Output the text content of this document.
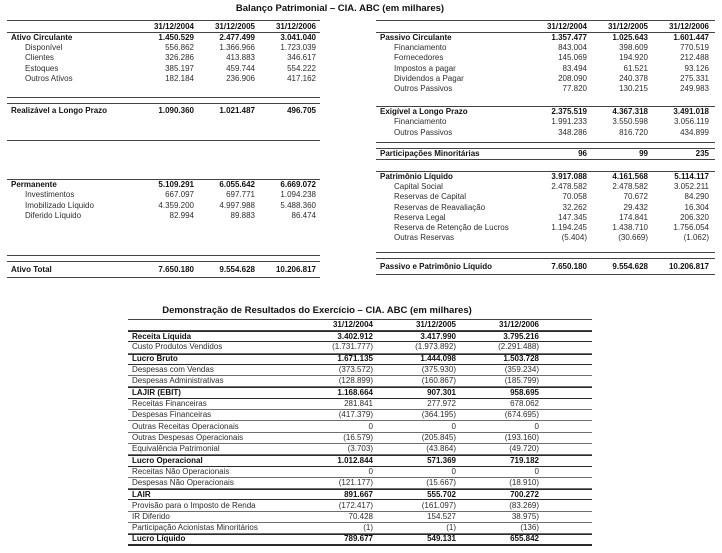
Balanço Patrimonial – CIA. ABC (em milhares)
31/12/2004	31/12/2005	31/12/2006
Ativo Circulante	1.450.529	2.477.499	3.041.040
Disponível	556.862	1.366.966	1.723.039
Clientes	326.286	413.883	346.617
Estoques	385.197	459.744	554.222
Outros Ativos	182.184	236.906	417.162
Realizável a Longo Prazo	1.090.360	1.021.487	496.705
Permanente	5.109.291	6.055.642	6.669.072
Investimentos	667.097	697.771	1.094.238
Imobilizado Líquido	4.359.200	4.997.988	5.488.360
Diferido Líquido	82.994	89.883	86.474
Ativo Total	7.650.180	9.554.628	10.206.817
31/12/2004	31/12/2005	31/12/2006
Passivo Circulante	1.357.477	1.025.643	1.601.447
Financiamento	843.004	398.609	770.519
Fornecedores	145.069	194.920	212.488
Impostos a pagar	83.494	61.521	93.126
Dividendos a Pagar	208.090	240.378	275.331
Outros Passivos	77.820	130.215	249.983
Exigível a Longo Prazo	2.375.519	4.367.318	3.491.018
Financiamento	1.991.233	3.550.598	3.056.119
Outros Passivos	348.286	816.720	434.899
Participações Minoritárias	96	99	235
Patrimônio Líquido	3.917.088	4.161.568	5.114.117
Capital Social	2.478.582	2.478.582	3.052.211
Reservas de Capital	70.058	70.672	84.290
Reservas de Reavaliação	32.262	29.432	16.304
Reserva Legal	147.345	174.841	206.320
Reserva de Retenção de Lucros	1.194.245	1.438.710	1.756.054
Outras Reservas	(5.404)	(30.669)	(1.062)
Passivo e Patrimônio Líquido	7.650.180	9.554.628	10.206.817
Demonstração de Resultados do Exercício – CIA. ABC (em milhares)
31/12/2004	31/12/2005	31/12/2006
Receita Líquida	3.402.912	3.417.990	3.795.216
Custo Produtos Vendidos	(1.731.777)	(1.973.892)	(2.291.488)
Lucro Bruto	1.671.135	1.444.098	1.503.728
Despesas com Vendas	(373.572)	(375.930)	(359.234)
Despesas Administrativas	(128.899)	(160.867)	(185.799)
LAJIR (EBIT)	1.168.664	907.301	958.695
Receitas Financeiras	281.841	277.972	678.062
Despesas Financeiras	(417.379)	(364.195)	(674.695)
Outras Receitas Operacionais	0	0	0
Outras Despesas Operacionais	(16.579)	(205.845)	(193.160)
Equivalência Patrimonial	(3.703)	(43.864)	(49.720)
Lucro Operacional	1.012.844	571.369	719.182
Receitas Não Operacionais	0	0	0
Despesas Não Operacionais	(121.177)	(15.667)	(18.910)
LAIR	891.667	555.702	700.272
Provisão para o Imposto de Renda	(172.417)	(161.097)	(83.269)
IR Diferido	70.428	154.527	38.975)
Participação Acionistas Minoritários	(1)	(1)	(136)
Lucro Líquido	789.677	549.131	655.842
